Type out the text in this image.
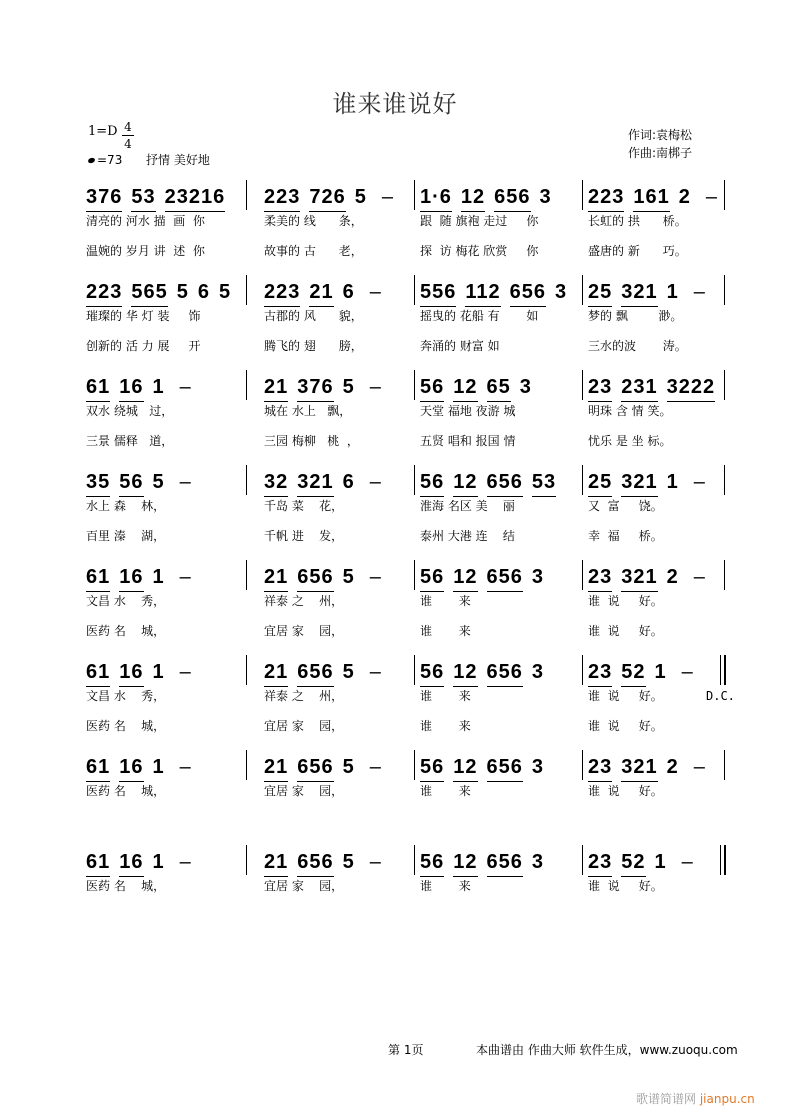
谁来谁说好
1=D 4
4
=73 抒情 美好地
作词:袁梅松
作曲:南梆子
376 53 23216
清亮的 河水 描  画  你
温婉的 岁月 讲  述  你
223 726 5 –
柔美的 线      条，
故事的 古      老，
1·6 12 656 3
跟  随 旗袍 走过     你
探  访 梅花 欣赏     你
223 161 2 –
长虹的 拱      桥。
盛唐的 新      巧。
223 565 5 6 5
璀璨的 华 灯 装     饰
创新的 活 力 展     开
223 21 6 –
古郡的 风      貌，
腾飞的 翅      膀，
556 112 656 3
摇曳的 花船 有       如
奔涌的 财富 如
25 321 1 –
梦的 飘        渺。
三水的波       涛。
61 16 1 –
双水 绕城   过，
三景 儒释   道，
21 376 5 –
城在 水上   飘，
三园 梅柳   桃  ，
56 12 65 3
天堂 福地 夜游 城
五贤 唱和 报国 情
23 231 3222
明珠 含 情 笑。
忧乐 是 坐 标。
35 56 5 –
水上 森    林，
百里 溱    湖，
32 321 6 –
千岛 菜    花，
千帆 进    发，
56 12 656 53
淮海 名区 美    丽
泰州 大港 连    结
25 321 1 –
又  富     饶。
幸  福     桥。
61 16 1 –
文昌 水    秀，
医药 名    城，
21 656 5 –
祥泰 之    州，
宜居 家    园，
56 12 656 3
谁       来
谁       来
23 321 2 –
谁  说     好。
谁  说     好。
61 16 1 –
文昌 水    秀，
医药 名    城，
21 656 5 –
祥泰 之    州，
宜居 家    园，
56 12 656 3
谁       来
谁       来
23 52 1 –
谁  说     好。
谁  说     好。
D.C.
61 16 1 –
医药 名    城，
21 656 5 –
宜居 家    园，
56 12 656 3
谁       来
23 321 2 –
谁  说     好。
61 16 1 –
医药 名    城，
21 656 5 –
宜居 家    园，
56 12 656 3
谁       来
23 52 1 –
谁  说     好。
第 1页	本曲谱由 作曲大师 软件生成，www.zuoqu.com
歌谱简谱网 jianpu.cn
